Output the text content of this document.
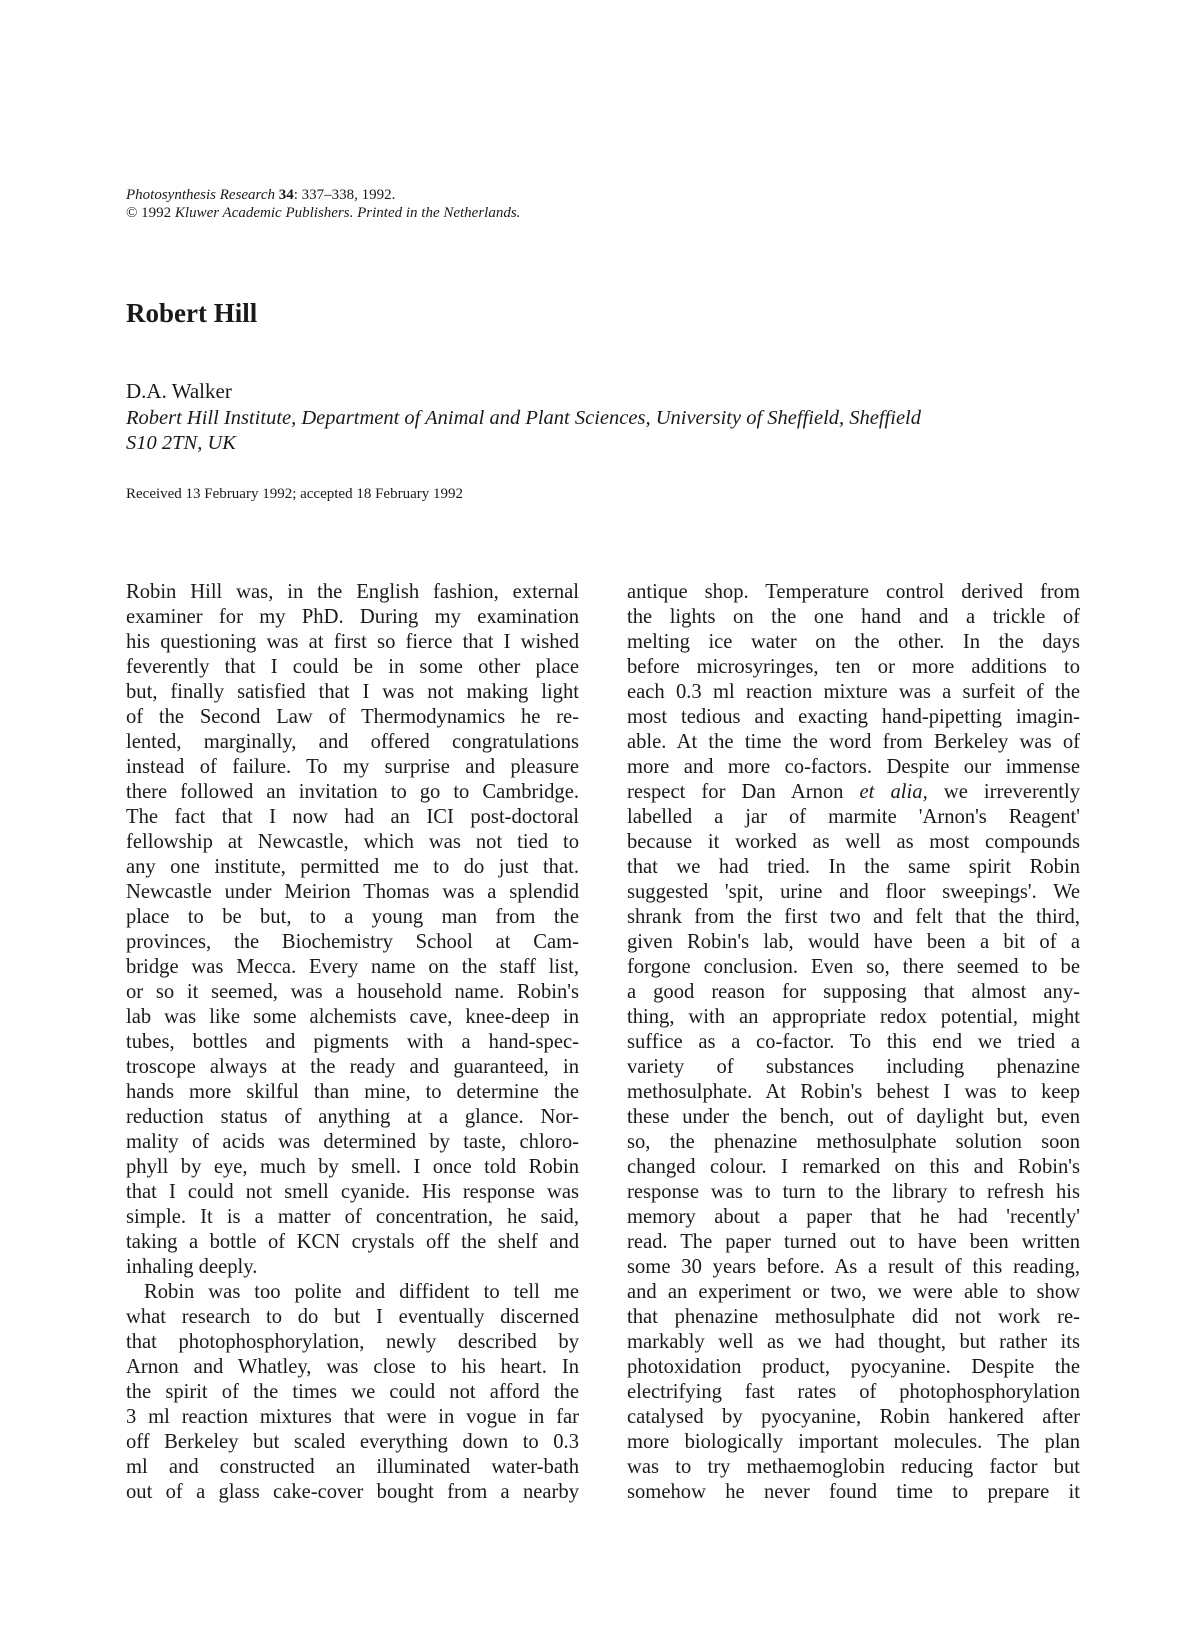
Photosynthesis Research 34: 337–338, 1992.
© 1992 Kluwer Academic Publishers. Printed in the Netherlands.
Robert Hill
D.A. Walker
Robert Hill Institute, Department of Animal and Plant Sciences, University of Sheffield, Sheffield
S10 2TN, UK
Received 13 February 1992; accepted 18 February 1992
Robin Hill was, in the English fashion, external
examiner for my PhD. During my examination
his questioning was at first so fierce that I wished
feverently that I could be in some other place
but, finally satisfied that I was not making light
of the Second Law of Thermodynamics he re-
lented, marginally, and offered congratulations
instead of failure. To my surprise and pleasure
there followed an invitation to go to Cambridge.
The fact that I now had an ICI post-doctoral
fellowship at Newcastle, which was not tied to
any one institute, permitted me to do just that.
Newcastle under Meirion Thomas was a splendid
place to be but, to a young man from the
provinces, the Biochemistry School at Cam-
bridge was Mecca. Every name on the staff list,
or so it seemed, was a household name. Robin's
lab was like some alchemists cave, knee-deep in
tubes, bottles and pigments with a hand-spec-
troscope always at the ready and guaranteed, in
hands more skilful than mine, to determine the
reduction status of anything at a glance. Nor-
mality of acids was determined by taste, chloro-
phyll by eye, much by smell. I once told Robin
that I could not smell cyanide. His response was
simple. It is a matter of concentration, he said,
taking a bottle of KCN crystals off the shelf and
inhaling deeply.
Robin was too polite and diffident to tell me
what research to do but I eventually discerned
that photophosphorylation, newly described by
Arnon and Whatley, was close to his heart. In
the spirit of the times we could not afford the
3 ml reaction mixtures that were in vogue in far
off Berkeley but scaled everything down to 0.3
ml and constructed an illuminated water-bath
out of a glass cake-cover bought from a nearby
antique shop. Temperature control derived from
the lights on the one hand and a trickle of
melting ice water on the other. In the days
before microsyringes, ten or more additions to
each 0.3 ml reaction mixture was a surfeit of the
most tedious and exacting hand-pipetting imagin-
able. At the time the word from Berkeley was of
more and more co-factors. Despite our immense
respect for Dan Arnon et alia, we irreverently
labelled a jar of marmite 'Arnon's Reagent'
because it worked as well as most compounds
that we had tried. In the same spirit Robin
suggested 'spit, urine and floor sweepings'. We
shrank from the first two and felt that the third,
given Robin's lab, would have been a bit of a
forgone conclusion. Even so, there seemed to be
a good reason for supposing that almost any-
thing, with an appropriate redox potential, might
suffice as a co-factor. To this end we tried a
variety of substances including phenazine
methosulphate. At Robin's behest I was to keep
these under the bench, out of daylight but, even
so, the phenazine methosulphate solution soon
changed colour. I remarked on this and Robin's
response was to turn to the library to refresh his
memory about a paper that he had 'recently'
read. The paper turned out to have been written
some 30 years before. As a result of this reading,
and an experiment or two, we were able to show
that phenazine methosulphate did not work re-
markably well as we had thought, but rather its
photoxidation product, pyocyanine. Despite the
electrifying fast rates of photophosphorylation
catalysed by pyocyanine, Robin hankered after
more biologically important molecules. The plan
was to try methaemoglobin reducing factor but
somehow he never found time to prepare it
